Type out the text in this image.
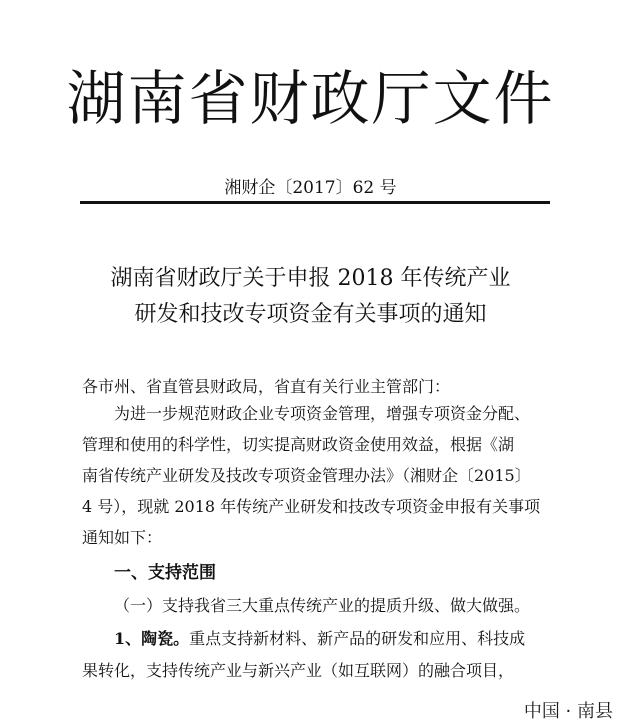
湖南省财政厅文件
湘财企〔2017〕62 号
湖南省财政厅关于申报 2018 年传统产业
研发和技改专项资金有关事项的通知
各市州、省直管县财政局，省直有关行业主管部门：
为进一步规范财政企业专项资金管理，增强专项资金分配、
管理和使用的科学性，切实提高财政资金使用效益，根据《湖
南省传统产业研发及技改专项资金管理办法》（湘财企〔2015〕
4 号），现就 2018 年传统产业研发和技改专项资金申报有关事项
通知如下：
一、支持范围
（一）支持我省三大重点传统产业的提质升级、做大做强。
1、陶瓷。重点支持新材料、新产品的研发和应用、科技成
果转化，支持传统产业与新兴产业（如互联网）的融合项目，
中国 · 南县
